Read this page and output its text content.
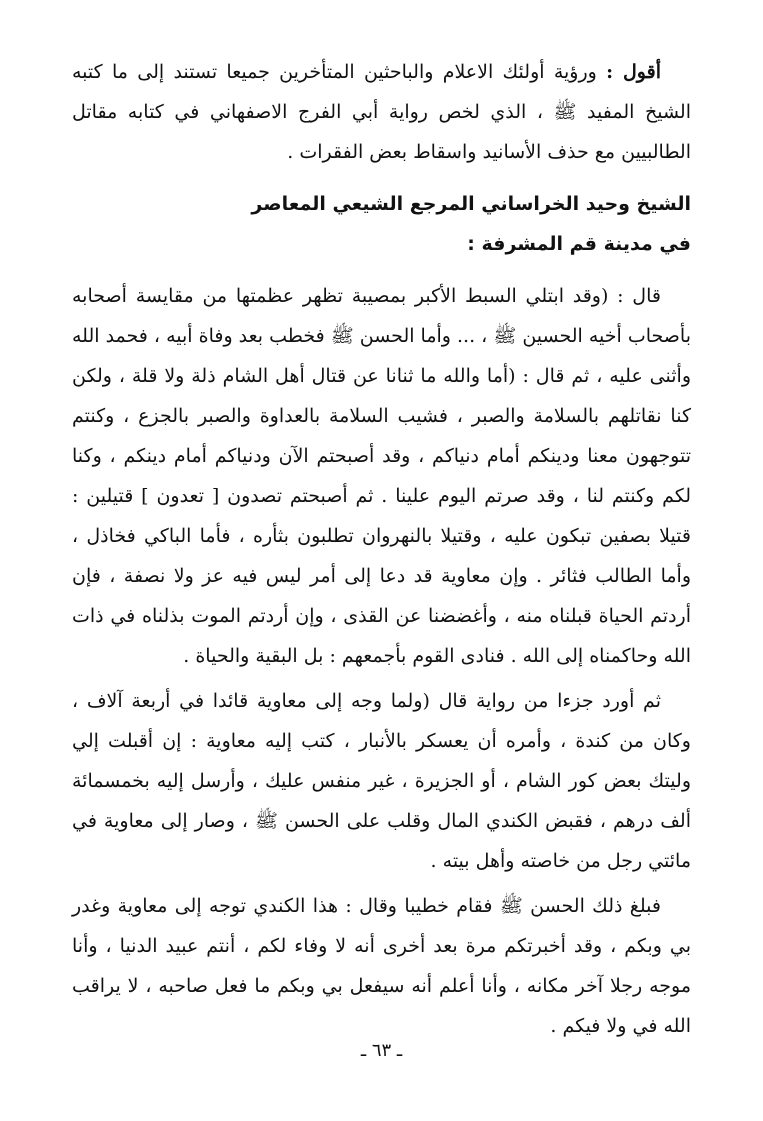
أقول : ورؤية أولئك الاعلام والباحثين المتأخرين جميعا تستند إلى ما كتبه الشيخ المفيد ﷺ ، الذي لخص رواية أبي الفرج الاصفهاني في كتابه مقاتل الطالبيين مع حذف الأسانيد واسقاط بعض الفقرات .

الشيخ وحيد الخراساني المرجع الشيعي المعاصر
في مدينة قم المشرفة :

قال : (وقد ابتلي السبط الأكبر بمصيبة تظهر عظمتها من مقايسة أصحابه بأصحاب أخيه الحسين ﷺ ، ... وأما الحسن ﷺ فخطب بعد وفاة أبيه ، فحمد الله وأثنى عليه ، ثم قال : (أما والله ما ثنانا عن قتال أهل الشام ذلة ولا قلة ، ولكن كنا نقاتلهم بالسلامة والصبر ، فشيب السلامة بالعداوة والصبر بالجزع ، وكنتم تتوجهون معنا ودينكم أمام دنياكم ، وقد أصبحتم الآن ودنياكم أمام دينكم ، وكنا لكم وكنتم لنا ، وقد صرتم اليوم علينا . ثم أصبحتم تصدون [ تعدون ] قتيلين : قتيلا بصفين تبكون عليه ، وقتيلا بالنهروان تطلبون بثأره ، فأما الباكي فخاذل ، وأما الطالب فثائر . وإن معاوية قد دعا إلى أمر ليس فيه عز ولا نصفة ، فإن أردتم الحياة قبلناه منه ، وأغضضنا عن القذى ، وإن أردتم الموت بذلناه في ذات الله وحاكمناه إلى الله . فنادى القوم بأجمعهم : بل البقية والحياة .

ثم أورد جزءا من رواية قال (ولما وجه إلى معاوية قائدا في أربعة آلاف ، وكان من كندة ، وأمره أن يعسكر بالأنبار ، كتب إليه معاوية : إن أقبلت إلي وليتك بعض كور الشام ، أو الجزيرة ، غير منفس عليك ، وأرسل إليه بخمسمائة ألف درهم ، فقبض الكندي المال وقلب على الحسن ﷺ ، وصار إلى معاوية في مائتي رجل من خاصته وأهل بيته .

فبلغ ذلك الحسن ﷺ فقام خطيبا وقال : هذا الكندي توجه إلى معاوية وغدر بي وبكم ، وقد أخبرتكم مرة بعد أخرى أنه لا وفاء لكم ، أنتم عبيد الدنيا ، وأنا موجه رجلا آخر مكانه ، وأنا أعلم أنه سيفعل بي وبكم ما فعل صاحبه ، لا يراقب الله في ولا فيكم .

ـ ٦٣ ـ
